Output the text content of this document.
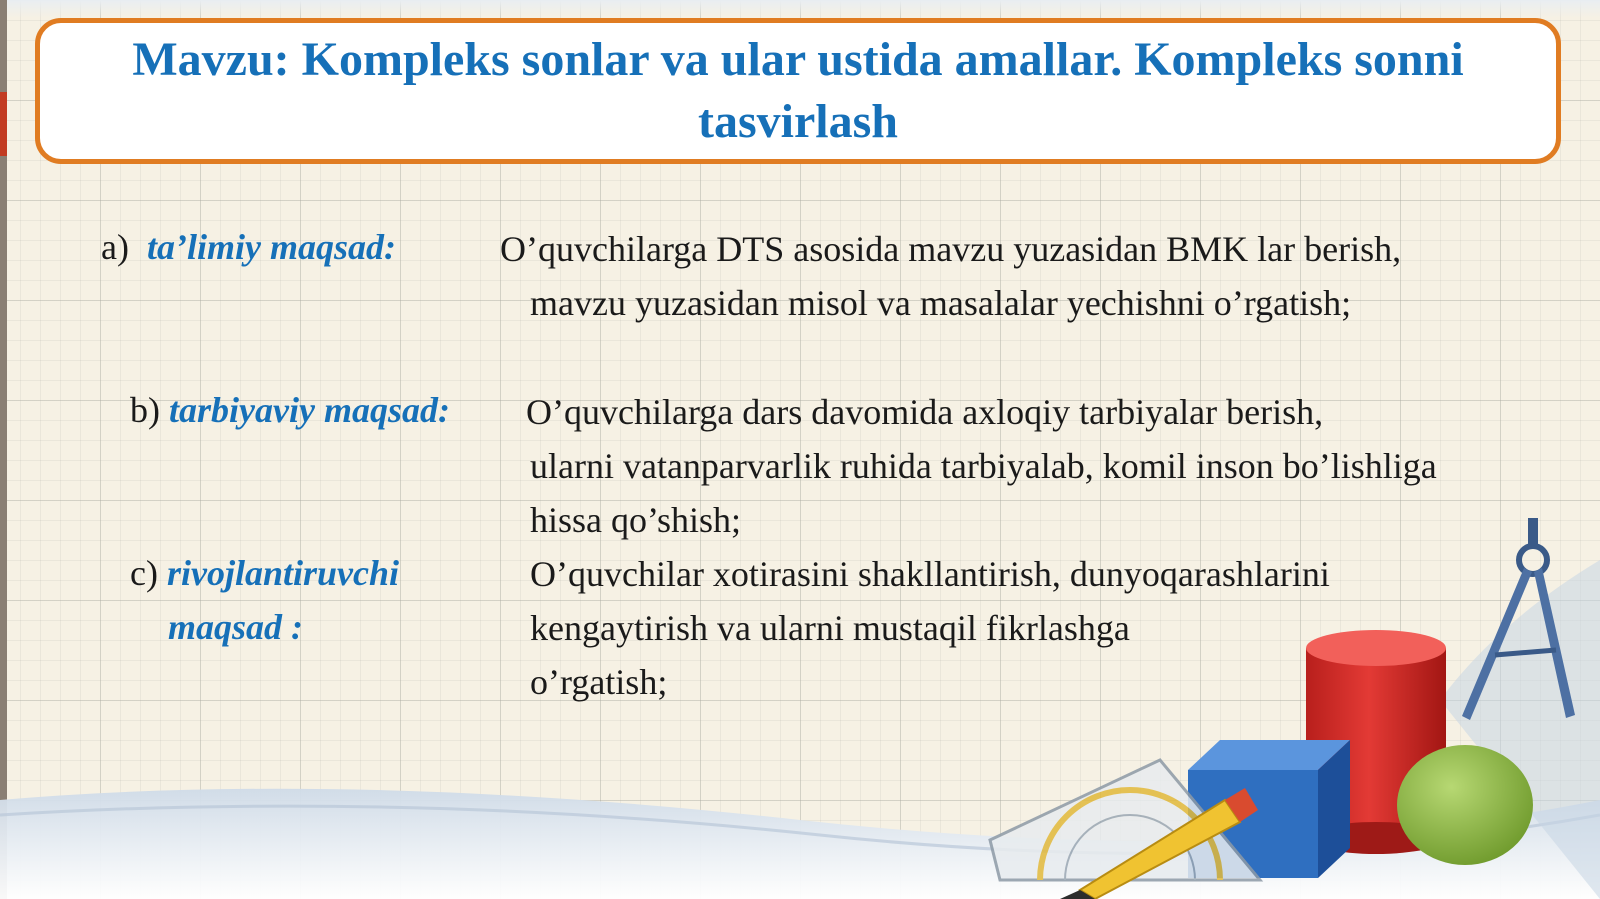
Mavzu: Kompleks sonlar va ular ustida amallar. Kompleks sonni tasvirlash

a) ta’limiy maqsad:	O’quvchilarga DTS asosida mavzu yuzasidan BMK lar berish,
mavzu yuzasidan misol va masalalar yechishni o’rgatish;

b) tarbiyaviy maqsad: O’quvchilarga dars davomida axloqiy tarbiyalar berish,
ularni vatanparvarlik ruhida tarbiyalab, komil inson bo’lishliga
hissa qo’shish;

c) rivojlantiruvchi

maqsad :

O’quvchilar xotirasini shakllantirish, dunyoqarashlarini
kengaytirish va ularni mustaqil fikrlashga
o’rgatish;
